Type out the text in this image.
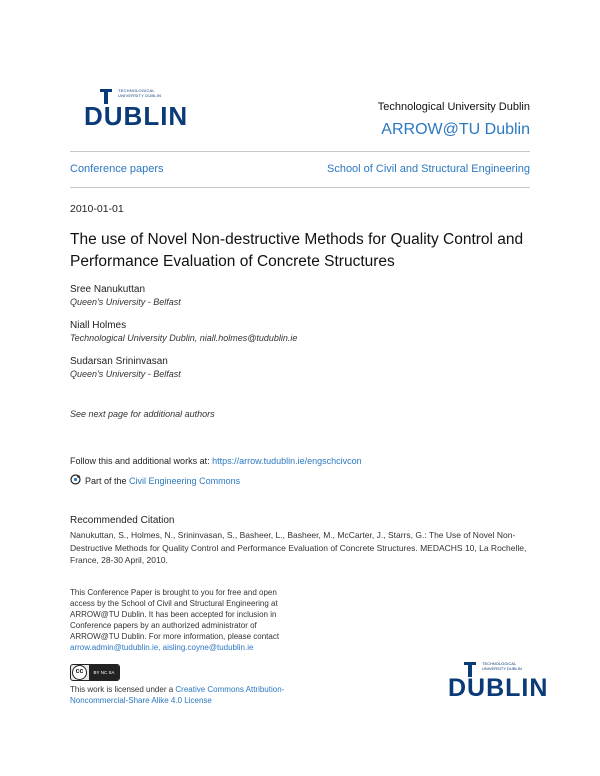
TECHNOLOGICAL UNIVERSITY DUBLIN
DUBLIN	Technological University Dublin
ARROW@TU Dublin
Conference papers	School of Civil and Structural Engineering
2010-01-01
The use of Novel Non-destructive Methods for Quality Control and Performance Evaluation of Concrete Structures
Sree Nanukuttan
Queen's University - Belfast
Niall Holmes
Technological University Dublin, niall.holmes@tudublin.ie
Sudarsan Srininvasan
Queen's University - Belfast
See next page for additional authors
Follow this and additional works at: https://arrow.tudublin.ie/engschcivcon
Part of the Civil Engineering Commons
Recommended Citation
Nanukuttan, S., Holmes, N., Srininvasan, S., Basheer, L., Basheer, M., McCarter, J., Starrs, G.: The Use of Novel Non-Destructive Methods for Quality Control and Performance Evaluation of Concrete Structures. MEDACHS 10, La Rochelle, France, 28-30 April, 2010.
This Conference Paper is brought to you for free and open access by the School of Civil and Structural Engineering at ARROW@TU Dublin. It has been accepted for inclusion in Conference papers by an authorized administrator of ARROW@TU Dublin. For more information, please contact arrow.admin@tudublin.ie, aisling.coyne@tudublin.ie
cc	BY NC SA
This work is licensed under a Creative Commons Attribution-Noncommercial-Share Alike 4.0 License
TECHNOLOGICAL UNIVERSITY DUBLIN
DUBLIN
